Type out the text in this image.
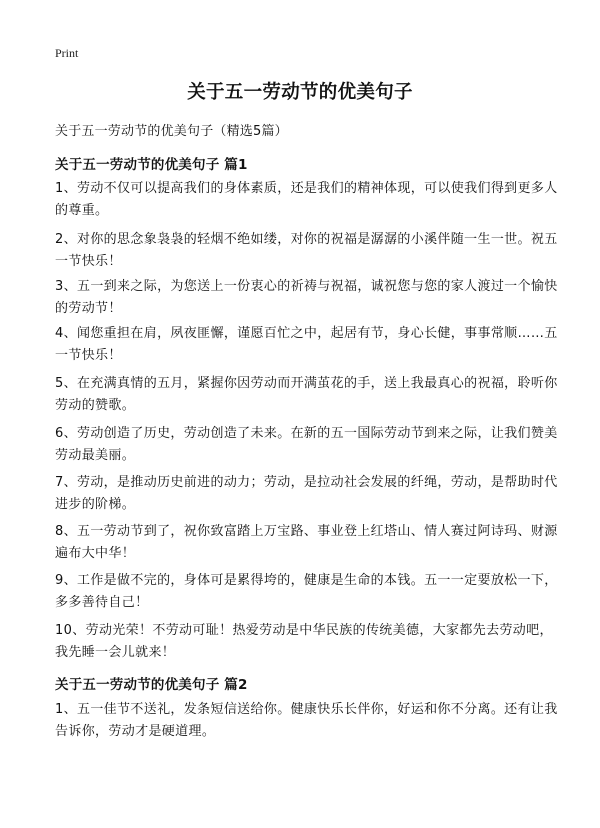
Print
关于五一劳动节的优美句子
关于五一劳动节的优美句子（精选5篇）
关于五一劳动节的优美句子 篇1

1、劳动不仅可以提高我们的身体素质，还是我们的精神体现，可以使我们得到更多人的尊重。

2、对你的思念象袅袅的轻烟不绝如缕，对你的祝福是潺潺的小溪伴随一生一世。祝五一节快乐！

3、五一到来之际，为您送上一份衷心的祈祷与祝福，诚祝您与您的家人渡过一个愉快的劳动节！

4、闻您重担在肩，夙夜匪懈，谨愿百忙之中，起居有节，身心长健，事事常顺……五一节快乐！

5、在充满真情的五月，紧握你因劳动而开满茧花的手，送上我最真心的祝福，聆听你劳动的赞歌。

6、劳动创造了历史，劳动创造了未来。在新的五一国际劳动节到来之际，让我们赞美劳动最美丽。

7、劳动，是推动历史前进的动力；劳动，是拉动社会发展的纤绳，劳动，是帮助时代进步的阶梯。

8、五一劳动节到了，祝你致富踏上万宝路、事业登上红塔山、情人赛过阿诗玛、财源遍布大中华！

9、工作是做不完的，身体可是累得垮的，健康是生命的本钱。五一一定要放松一下，多多善待自己！

10、劳动光荣！不劳动可耻！热爱劳动是中华民族的传统美德，大家都先去劳动吧，我先睡一会儿就来！

关于五一劳动节的优美句子 篇2

1、五一佳节不送礼，发条短信送给你。健康快乐长伴你，好运和你不分离。还有让我告诉你，劳动才是硬道理。
